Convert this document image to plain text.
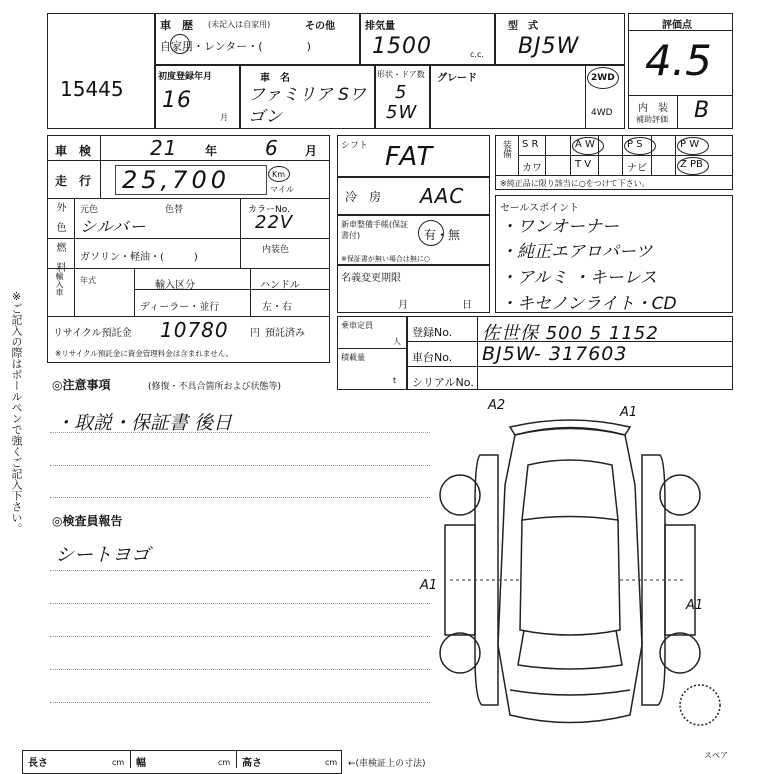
15445
車　歴 (未記入は自家用)	その他
自家用・レンター・(　　　　)
排気量
1500	c.c.
型　式
BJ5W
評価点
4.5
内　装
補助評価 B
初度登録年月
16
月
車　名
ファミリア Sワゴン
形状・ドア数
5
5W
グレード	2WD
4WD
車　検	21 年 6 月
走　行 25,700	Km
マイル
外　色 元色	色替
シルバー
カラーNo.
22V
内装色
燃　料 ガソリン・軽油・(　　　)
輸入車 年式	輸入区分
ディーラー・並行
ハンドル
左・右
リサイクル預託金 10780 円 預託済み
※リサイクル預託金に資金管理料金は含まれません。
シフト FAT
冷　房 AAC
新車整備手帳(保証書付)	有・無
※保証書が無い場合は無に○
名義変更期限
月	日
乗車定員
人
積載量
t
装備 S R	A W	P S	P W
カワ	T V	ナビ	Z PB
※純正品に限り該当に○をつけて下さい。
セールスポイント
・ワンオーナー
・純正エアロパーツ
・アルミ ・キーレス
・キセノンライト・CD
登録No. 佐世保 500 5 1152
車台No. BJ5W- 317603
シリアルNo.
◎注意事項	(修復・不具合箇所および状態等)
・取説・保証書 後日
◎検査員報告
シートヨゴ
※ご記入の際はボールペンで強くご記入下さい。	A2	A1
A1
A1
スペア
長さ	cm 幅	cm 高さ	cm ←(車検証上の寸法)
